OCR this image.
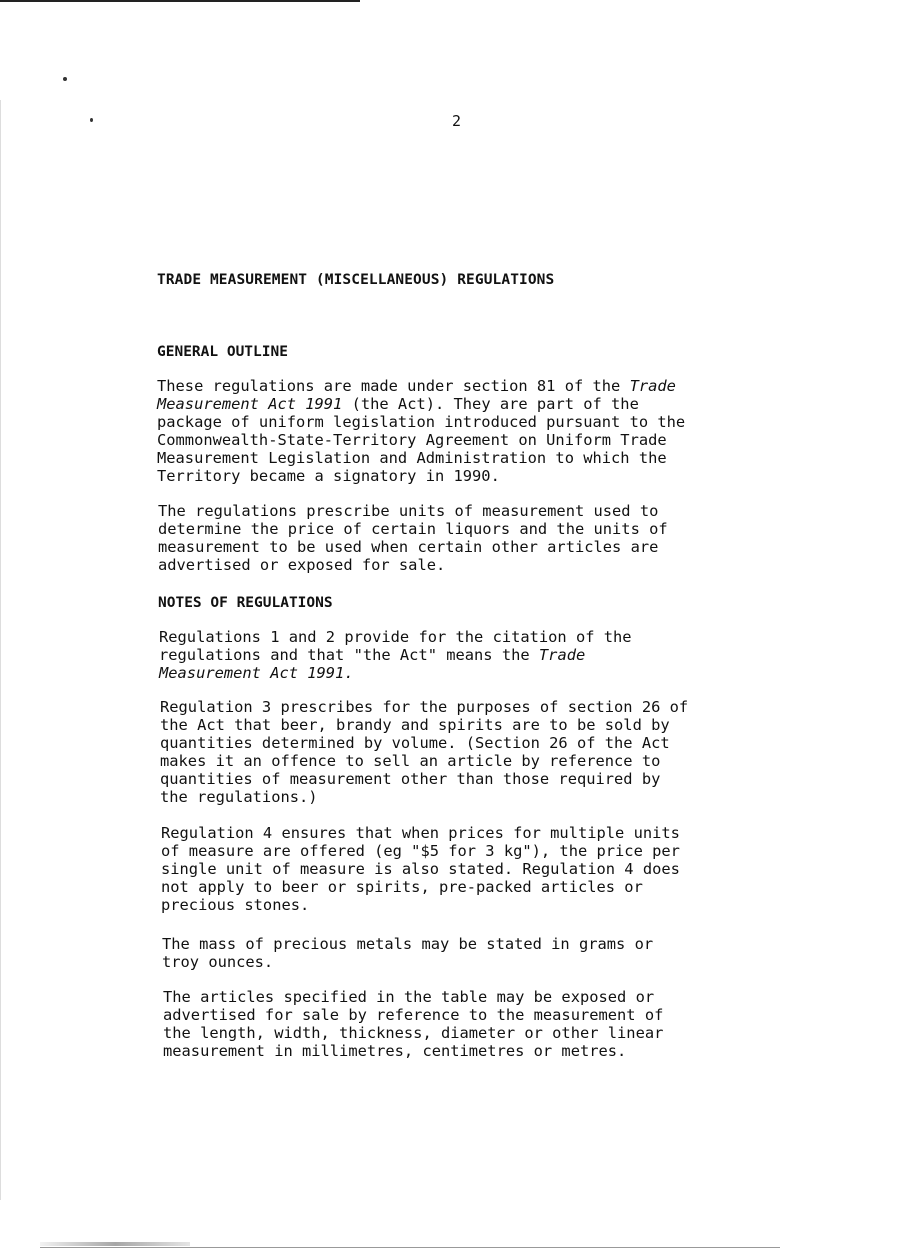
2
TRADE MEASUREMENT (MISCELLANEOUS) REGULATIONS
GENERAL OUTLINE
These regulations are made under section 81 of the Trade
Measurement Act 1991 (the Act). They are part of the
package of uniform legislation introduced pursuant to the
Commonwealth-State-Territory Agreement on Uniform Trade
Measurement Legislation and Administration to which the
Territory became a signatory in 1990.
The regulations prescribe units of measurement used to
determine the price of certain liquors and the units of
measurement to be used when certain other articles are
advertised or exposed for sale.
NOTES OF REGULATIONS
Regulations 1 and 2 provide for the citation of the
regulations and that "the Act" means the Trade
Measurement Act 1991.
Regulation 3 prescribes for the purposes of section 26 of
the Act that beer, brandy and spirits are to be sold by
quantities determined by volume. (Section 26 of the Act
makes it an offence to sell an article by reference to
quantities of measurement other than those required by
the regulations.)
Regulation 4 ensures that when prices for multiple units
of measure are offered (eg "$5 for 3 kg"), the price per
single unit of measure is also stated. Regulation 4 does
not apply to beer or spirits, pre-packed articles or
precious stones.
The mass of precious metals may be stated in grams or
troy ounces.
The articles specified in the table may be exposed or
advertised for sale by reference to the measurement of
the length, width, thickness, diameter or other linear
measurement in millimetres, centimetres or metres.
